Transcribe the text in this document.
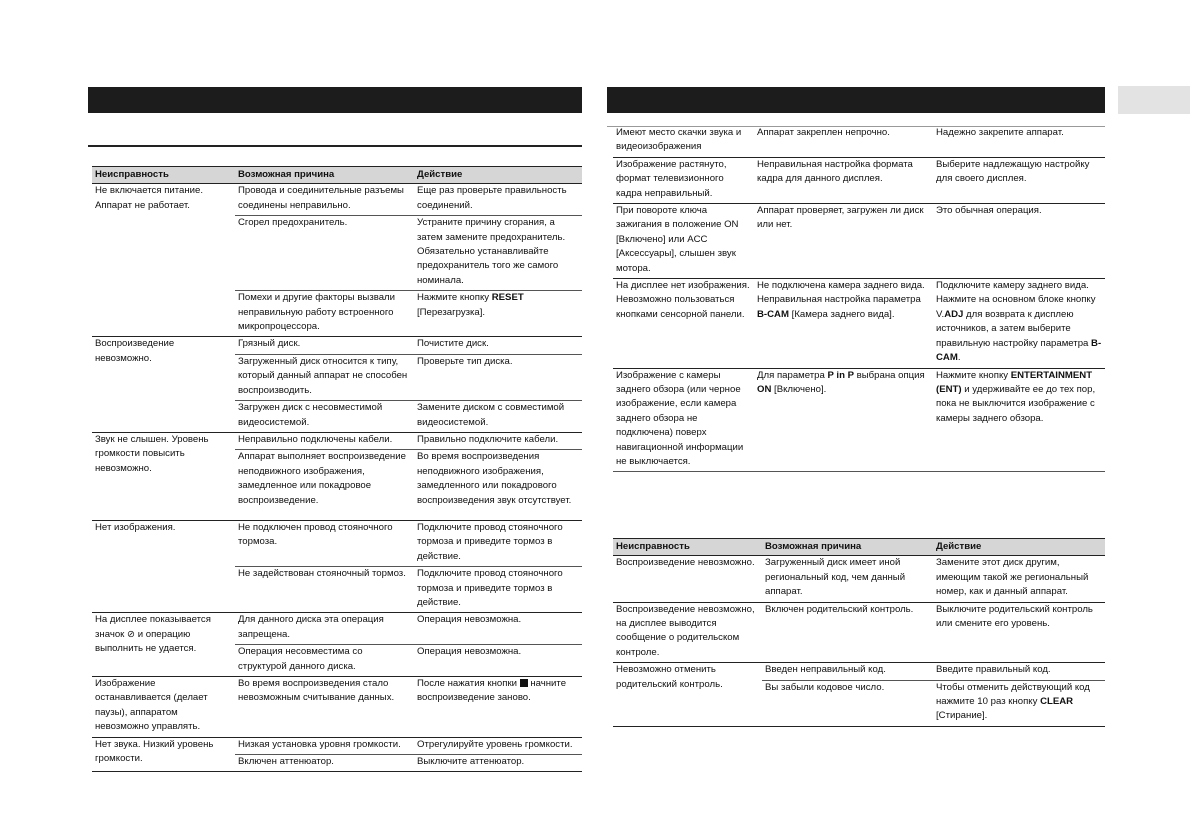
Неисправность	Возможная причина	Действие
Не включается питание. Аппарат не работает.	Провода и соединительные разъемы соединены неправильно.	Еще раз проверьте правильность соединений.
	Сгорел предохранитель.	Устраните причину сгорания, а затем замените предохранитель. Обязательно устанавливайте предохранитель того же самого номинала.
	Помехи и другие факторы вызвали неправильную работу встроенного микропроцессора.	Нажмите кнопку RESET [Перезагрузка].
Воспроизведение невозможно.	Грязный диск.	Почистите диск.
	Загруженный диск относится к типу, который данный аппарат не способен воспроизводить.	Проверьте тип диска.
	Загружен диск с несовместимой видеосистемой.	Замените диском с совместимой видеосистемой.
Звук не слышен. Уровень громкости повысить невозможно.	Неправильно подключены кабели.	Правильно подключите кабели.
	Аппарат выполняет воспроизведение неподвижного изображения, замедленное или покадровое воспроизведение.	Во время воспроизведения неподвижного изображения, замедленного или покадрового воспроизведения звук отсутствует.
Нет изображения.	Не подключен провод стояночного тормоза.	Подключите провод стояночного тормоза и приведите тормоз в действие.
	Не задействован стояночный тормоз.	Подключите провод стояночного тормоза и приведите тормоз в действие.
На дисплее показывается значок ⊘ и операцию выполнить не удается.	Для данного диска эта операция запрещена.	Операция невозможна.
	Операция несовместима со структурой данного диска.	Операция невозможна.
Изображение останавливается (делает паузы), аппаратом невозможно управлять.	Во время воспроизведения стало невозможным считывание данных.	После нажатия кнопки  начните воспроизведение заново.
Нет звука. Низкий уровень громкости.	Низкая установка уровня громкости.	Отрегулируйте уровень громкости.
	Включен аттенюатор.	Выключите аттенюатор.
Имеют место скачки звука и видеоизображения	Аппарат закреплен непрочно.	Надежно закрепите аппарат.
Изображение растянуто, формат телевизионного кадра неправильный.	Неправильная настройка формата кадра для данного дисплея.	Выберите надлежащую настройку для своего дисплея.
При повороте ключа зажигания в положение ON [Включено] или ACC [Аксессуары], слышен звук мотора.	Аппарат проверяет, загружен ли диск или нет.	Это обычная операция.
На дисплее нет изображения. Невозможно пользоваться кнопками сенсорной панели.	Не подключена камера заднего вида. Неправильная настройка параметра B-CAM [Камера заднего вида].	Подключите камеру заднего вида. Нажмите на основном блоке кнопку V.ADJ для возврата к дисплею источников, а затем выберите правильную настройку параметра B-CAM.
Изображение с камеры заднего обзора (или черное изображение, если камера заднего обзора не подключена) поверх навигационной информации не выключается.	Для параметра P in P выбрана опция ON [Включено].	Нажмите кнопку ENTERTAINMENT (ENT) и удерживайте ее до тех пор, пока не выключится изображение с камеры заднего обзора.
Неисправность	Возможная причина	Действие
Воспроизведение невозможно.	Загруженный диск имеет иной региональный код, чем данный аппарат.	Замените этот диск другим, имеющим такой же региональный номер, как и данный аппарат.
Воспроизведение невозможно, на дисплее выводится сообщение о родительском контроле.	Включен родительский контроль.	Выключите родительский контроль или смените его уровень.
Невозможно отменить родительский контроль.	Введен неправильный код.	Введите правильный код.
	Вы забыли кодовое число.	Чтобы отменить действующий код нажмите 10 раз кнопку CLEAR [Стирание].
